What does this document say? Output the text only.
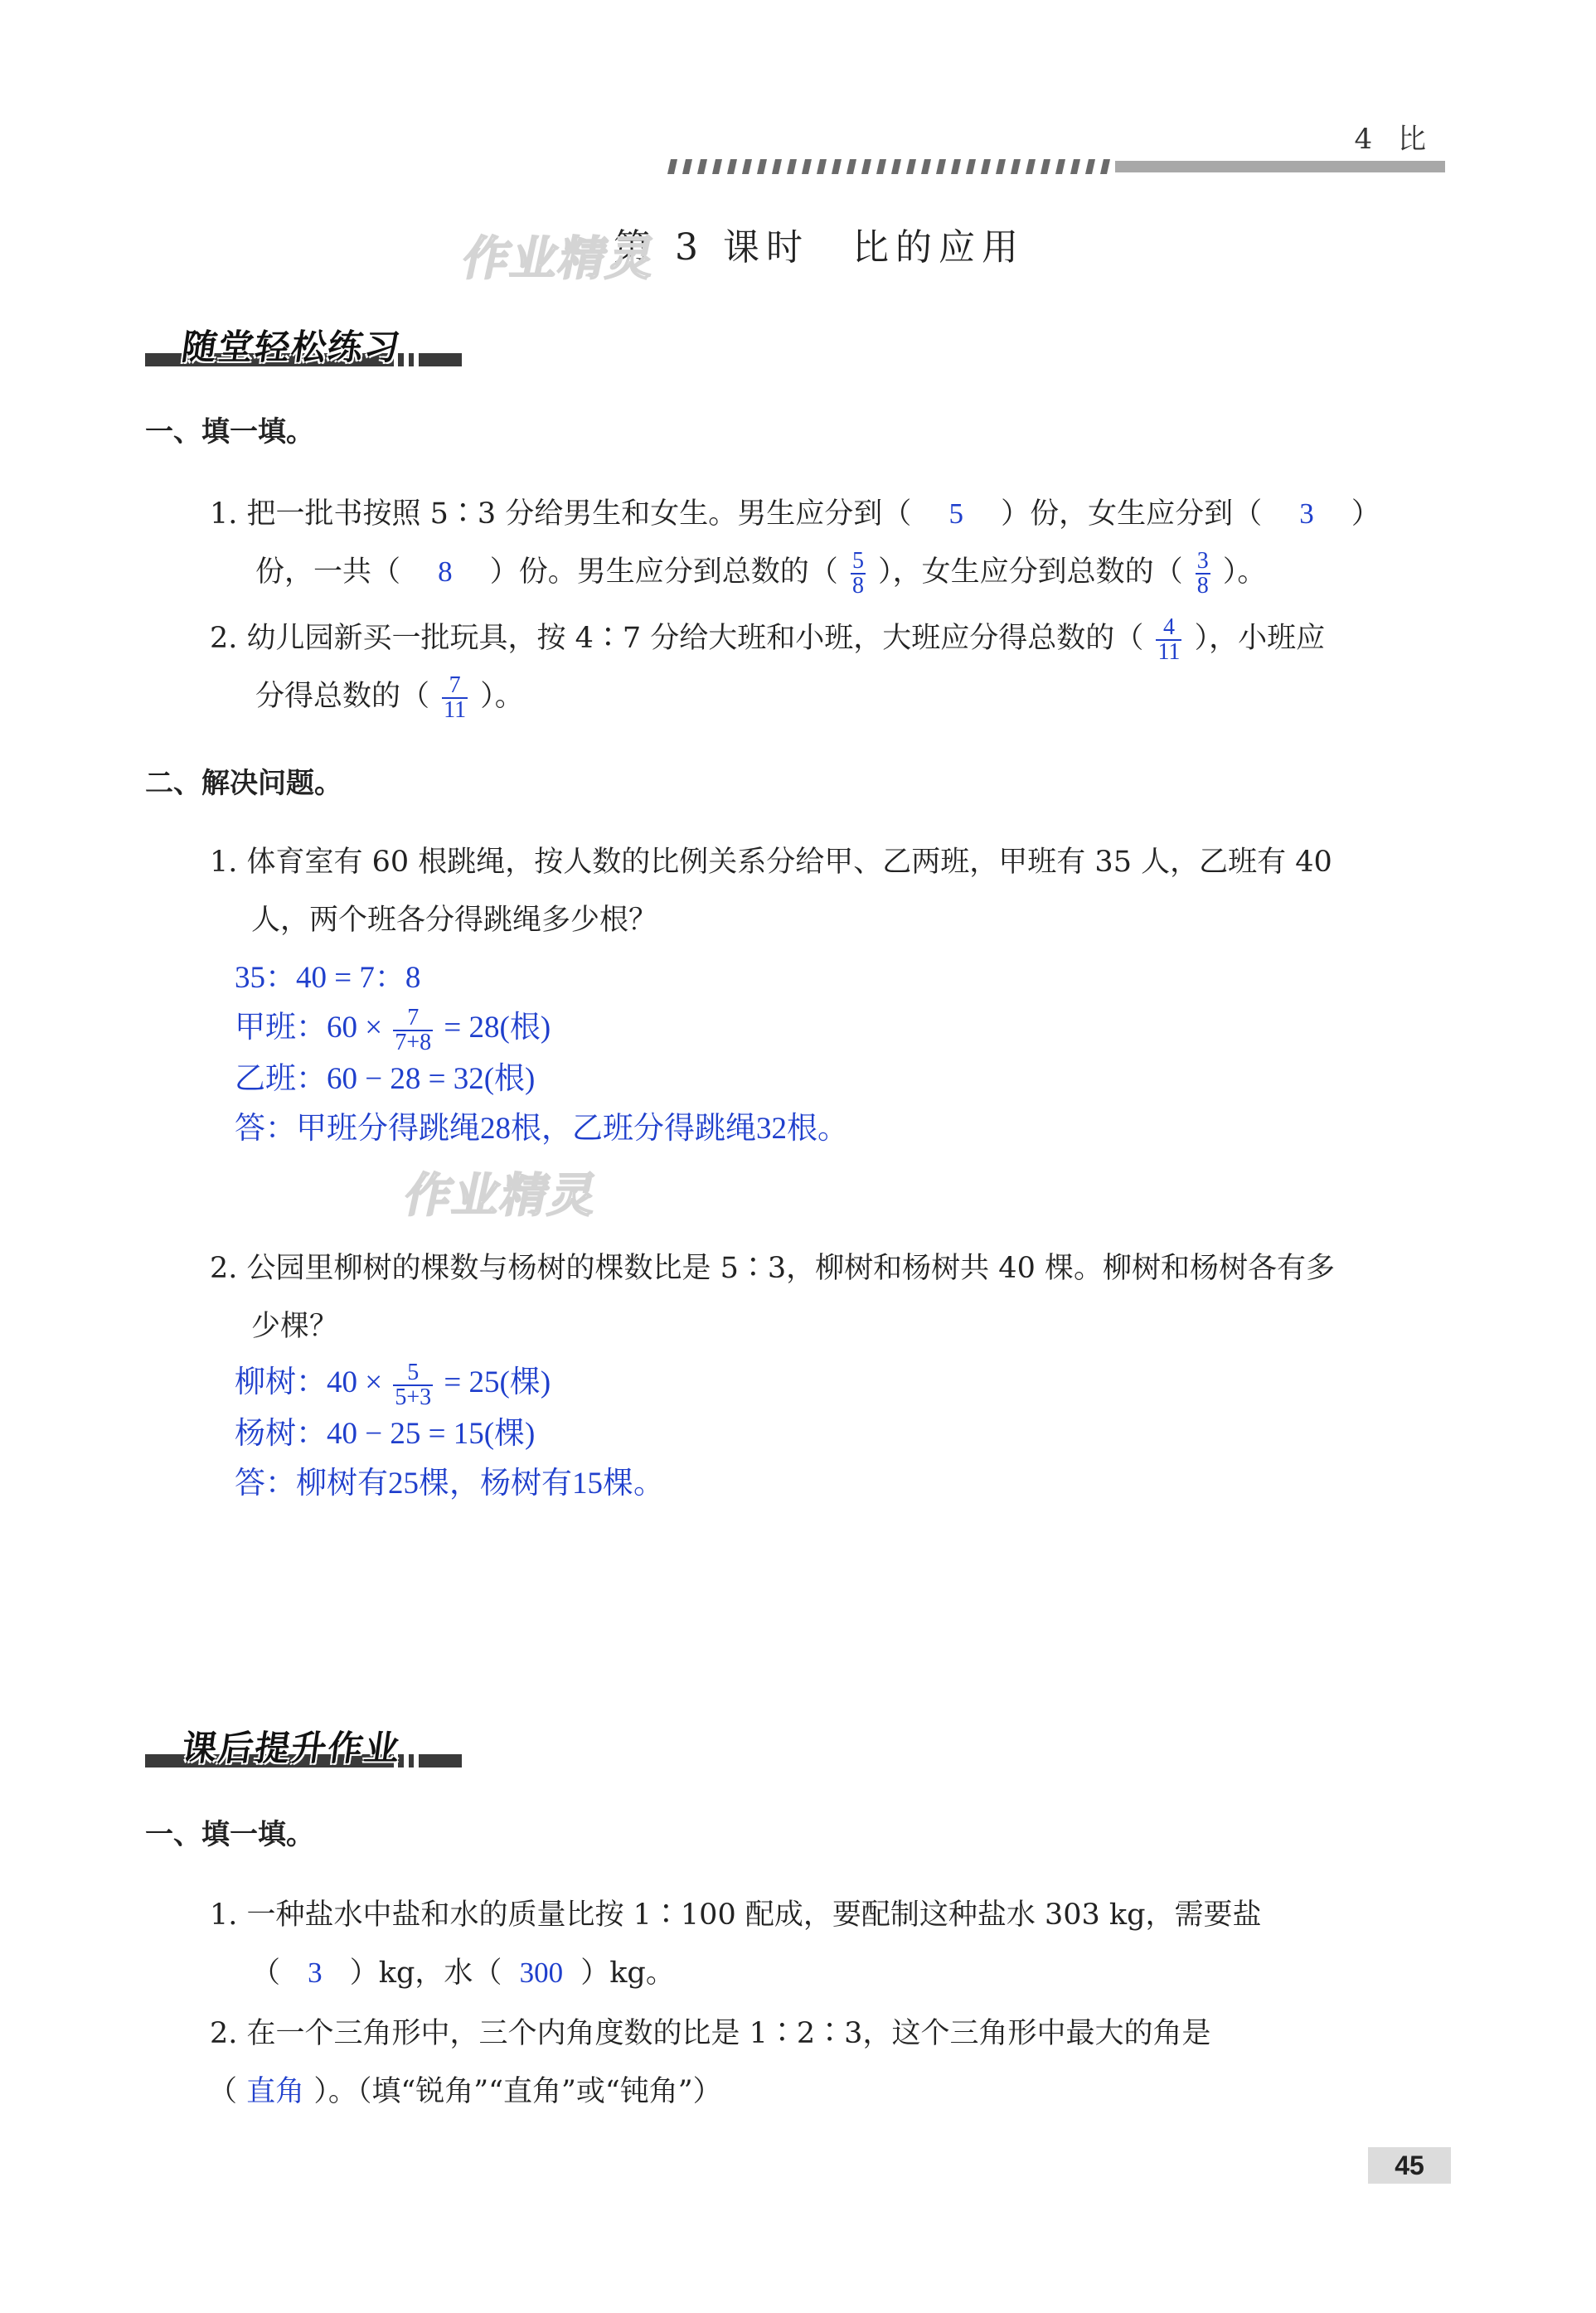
4 比
第 3 课时　比的应用
作业精灵
随堂轻松练习
一、填一填。
1. 把一批书按照 5∶3 分给男生和女生。男生应分到（ 5 ）份，女生应分到（ 3 ）
份，一共（ 8 ）份。男生应分到总数的（ $\frac{5}{8}$ ），女生应分到总数的（ $\frac{3}{8}$ ）。
2. 幼儿园新买一批玩具，按 4∶7 分给大班和小班，大班应分得总数的（ $\frac{4}{11}$ ），小班应
分得总数的（ $\frac{7}{11}$ ）。
二、解决问题。
1. 体育室有 60 根跳绳，按人数的比例关系分给甲、乙两班，甲班有 35 人，乙班有 40
人，两个班各分得跳绳多少根？
35：40 = 7：8
甲班：$60 \times \frac{7}{7+8} = 28$(根)
乙班：60 − 28 = 32(根)
答：甲班分得跳绳28根，乙班分得跳绳32根。
作业精灵
2. 公园里柳树的棵数与杨树的棵数比是 5∶3，柳树和杨树共 40 棵。柳树和杨树各有多
少棵？
柳树：$40 \times \frac{5}{5+3} = 25$(棵)
杨树：40 − 25 = 15(棵)
答：柳树有25棵，杨树有15棵。
课后提升作业
一、填一填。
1. 一种盐水中盐和水的质量比按 1∶100 配成，要配制这种盐水 303 kg，需要盐
（ 3 ）kg，水（ 300 ）kg。
2. 在一个三角形中，三个内角度数的比是 1∶2∶3，这个三角形中最大的角是
（ 直角 ）。（填“锐角”“直角”或“钝角”）
45
